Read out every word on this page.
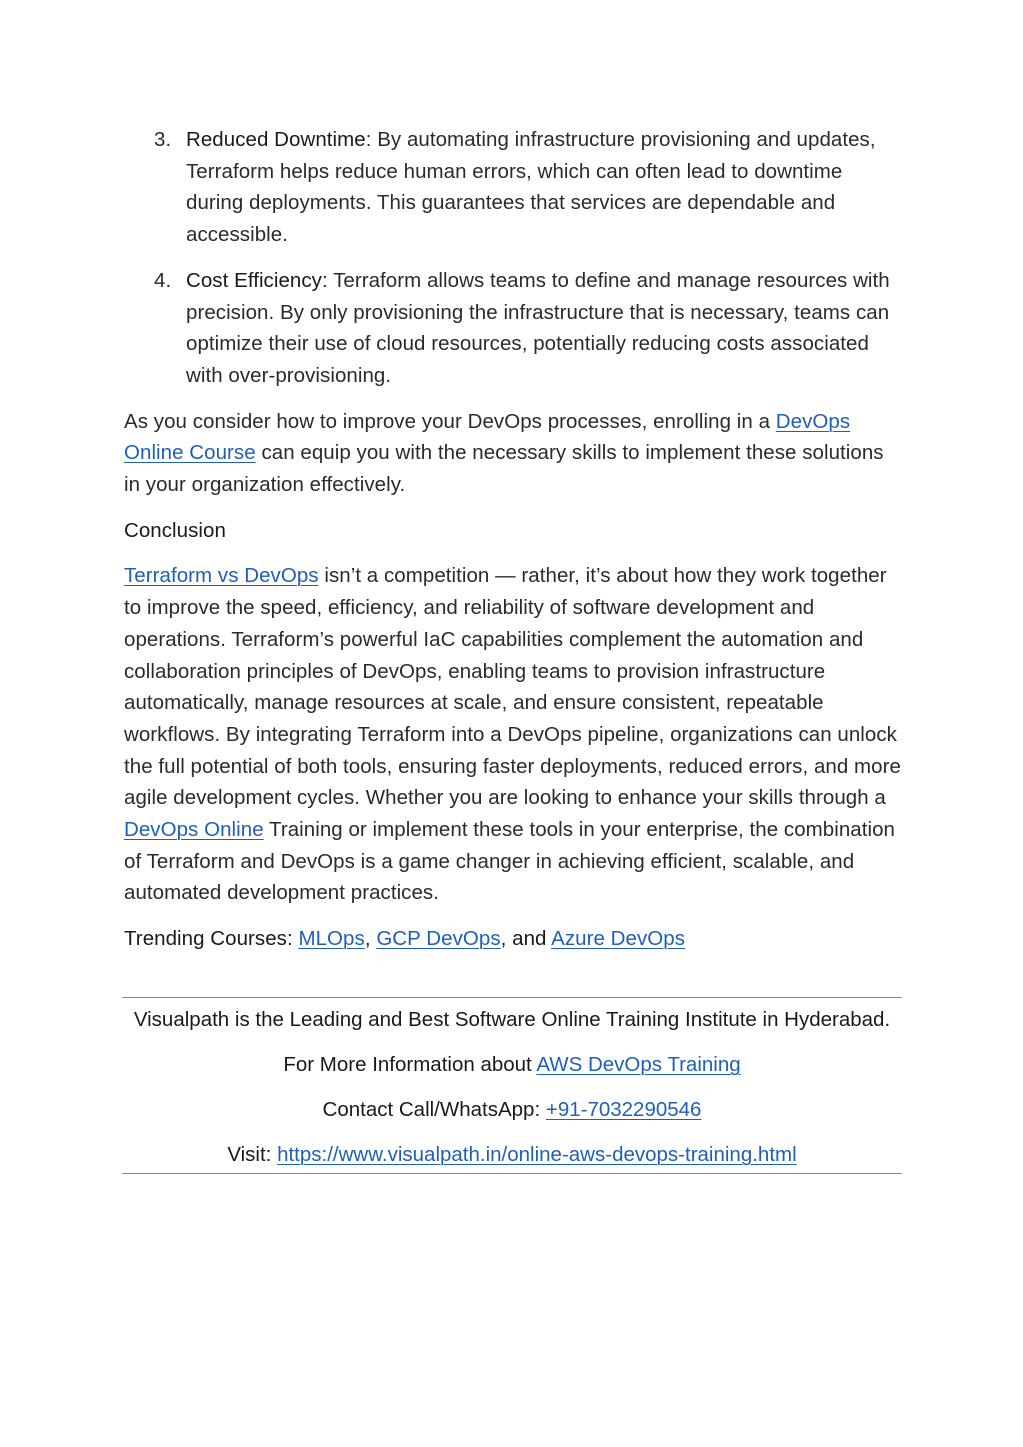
3. Reduced Downtime: By automating infrastructure provisioning and updates, Terraform helps reduce human errors, which can often lead to downtime during deployments. This guarantees that services are dependable and accessible.
4. Cost Efficiency: Terraform allows teams to define and manage resources with precision. By only provisioning the infrastructure that is necessary, teams can optimize their use of cloud resources, potentially reducing costs associated with over-provisioning.

As you consider how to improve your DevOps processes, enrolling in a DevOps Online Course can equip you with the necessary skills to implement these solutions in your organization effectively.

Conclusion

Terraform vs DevOps isn’t a competition — rather, it’s about how they work together to improve the speed, efficiency, and reliability of software development and operations. Terraform’s powerful IaC capabilities complement the automation and collaboration principles of DevOps, enabling teams to provision infrastructure automatically, manage resources at scale, and ensure consistent, repeatable workflows. By integrating Terraform into a DevOps pipeline, organizations can unlock the full potential of both tools, ensuring faster deployments, reduced errors, and more agile development cycles. Whether you are looking to enhance your skills through a DevOps Online Training or implement these tools in your enterprise, the combination of Terraform and DevOps is a game changer in achieving efficient, scalable, and automated development practices.

Trending Courses: MLOps, GCP DevOps, and Azure DevOps

Visualpath is the Leading and Best Software Online Training Institute in Hyderabad.
For More Information about AWS DevOps Training
Contact Call/WhatsApp: +91-7032290546
Visit: https://www.visualpath.in/online-aws-devops-training.html
